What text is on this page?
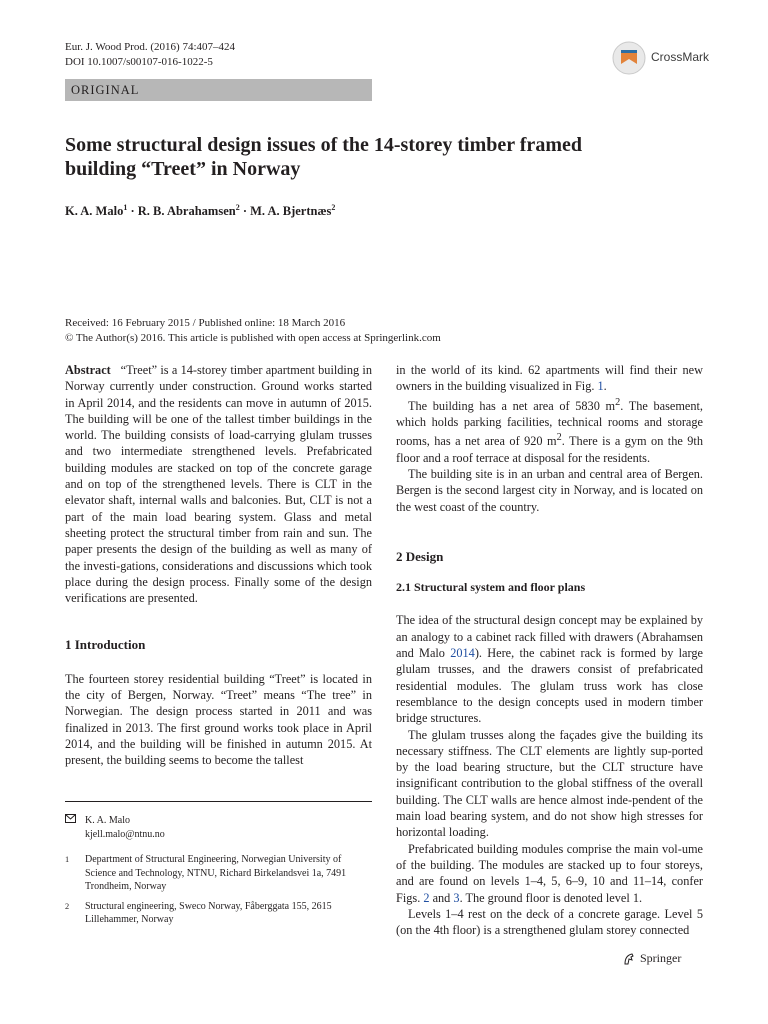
Eur. J. Wood Prod. (2016) 74:407–424
DOI 10.1007/s00107-016-1022-5	CrossMark
ORIGINAL
Some structural design issues of the 14-storey timber framed
building “Treet” in Norway
K. A. Malo$^1$ · R. B. Abrahamsen$^2$ · M. A. Bjertnæs$^2$
Received: 16 February 2015 / Published online: 18 March 2016
© The Author(s) 2016. This article is published with open access at Springerlink.com

Abstract “Treet” is a 14-storey timber apartment building in Norway currently under construction. Ground works started in April 2014, and the residents can move in autumn of 2015. The building will be one of the tallest timber buildings in the world. The building consists of load-carrying glulam trusses and two intermediate strengthened levels. Prefabricated building modules are stacked on top of the concrete garage and on top of the strengthened levels. There is CLT in the elevator shaft, internal walls and balconies. But, CLT is not a part of the main load bearing system. Glass and metal sheeting protect the structural timber from rain and sun. The paper presents the design of the building as well as many of the investi-gations, considerations and discussions which took place during the design process. Finally some of the design verifications are presented.

1 Introduction

The fourteen storey residential building “Treet” is located in the city of Bergen, Norway. “Treet” means “The tree” in Norwegian. The design process started in 2011 and was finalized in 2013. The first ground works took place in April 2014, and the building will be finished in autumn 2015. At present, the building seems to become the tallest

K. A. Malo
kjell.malo@ntnu.no
$^1$	Department of Structural Engineering, Norwegian University of Science and Technology, NTNU, Richard Birkelandsvei 1a, 7491 Trondheim, Norway
$^2$	Structural engineering, Sweco Norway, Fåberggata 155, 2615 Lillehammer, Norway

in the world of its kind. 62 apartments will find their new owners in the building visualized in Fig. 1.

The building has a net area of 5830 $m^2$. The basement, which holds parking facilities, technical rooms and storage rooms, has a net area of 920 $m^2$. There is a gym on the 9th floor and a roof terrace at disposal for the residents.

The building site is in an urban and central area of Bergen. Bergen is the second largest city in Norway, and is located on the west coast of the country.

2 Design
2.1 Structural system and floor plans

The idea of the structural design concept may be explained by an analogy to a cabinet rack filled with drawers (Abrahamsen and Malo 2014). Here, the cabinet rack is formed by large glulam trusses, and the drawers consist of prefabricated residential modules. The glulam truss work has close resemblance to the design concepts used in modern timber bridge structures.

The glulam trusses along the façades give the building its necessary stiffness. The CLT elements are lightly sup-ported by the load bearing structure, but the CLT structure have insignificant contribution to the global stiffness of the overall building. The CLT walls are hence almost inde-pendent of the main load bearing system, and do not show high stresses for horizontal loading.

Prefabricated building modules comprise the main vol-ume of the building. The modules are stacked up to four storeys, and are found on levels 1–4, 5, 6–9, 10 and 11–14, confer Figs. 2 and 3. The ground floor is denoted level 1.

Levels 1–4 rest on the deck of a concrete garage. Level 5 (on the 4th floor) is a strengthened glulam storey connected

Springer
